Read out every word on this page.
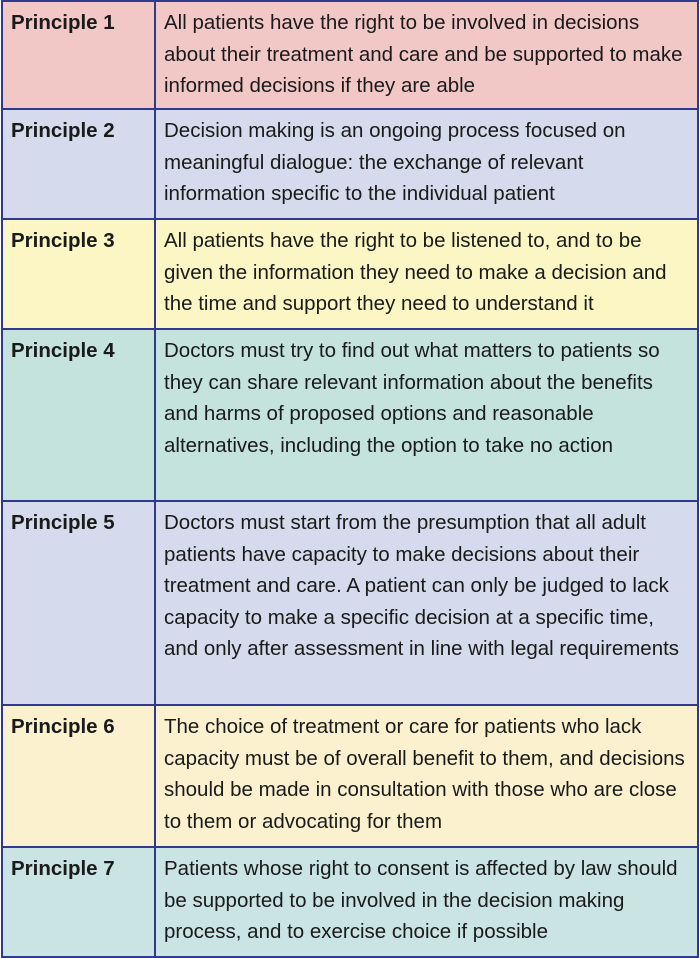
Principle 1	All patients have the right to be involved in decisions about their treatment and care and be supported to make informed decisions if they are able
Principle 2	Decision making is an ongoing process focused on meaningful dialogue: the exchange of relevant information specific to the individual patient
Principle 3	All patients have the right to be listened to, and to be given the information they need to make a decision and the time and support they need to understand it
Principle 4	Doctors must try to find out what matters to patients so they can share relevant information about the benefits and harms of proposed options and reasonable alternatives, including the option to take no action
Principle 5	Doctors must start from the presumption that all adult patients have capacity to make decisions about their treatment and care. A patient can only be judged to lack capacity to make a specific decision at a specific time, and only after assessment in line with legal requirements
Principle 6	The choice of treatment or care for patients who lack capacity must be of overall benefit to them, and decisions should be made in consultation with those who are close to them or advocating for them
Principle 7	Patients whose right to consent is affected by law should be supported to be involved in the decision making process, and to exercise choice if possible
